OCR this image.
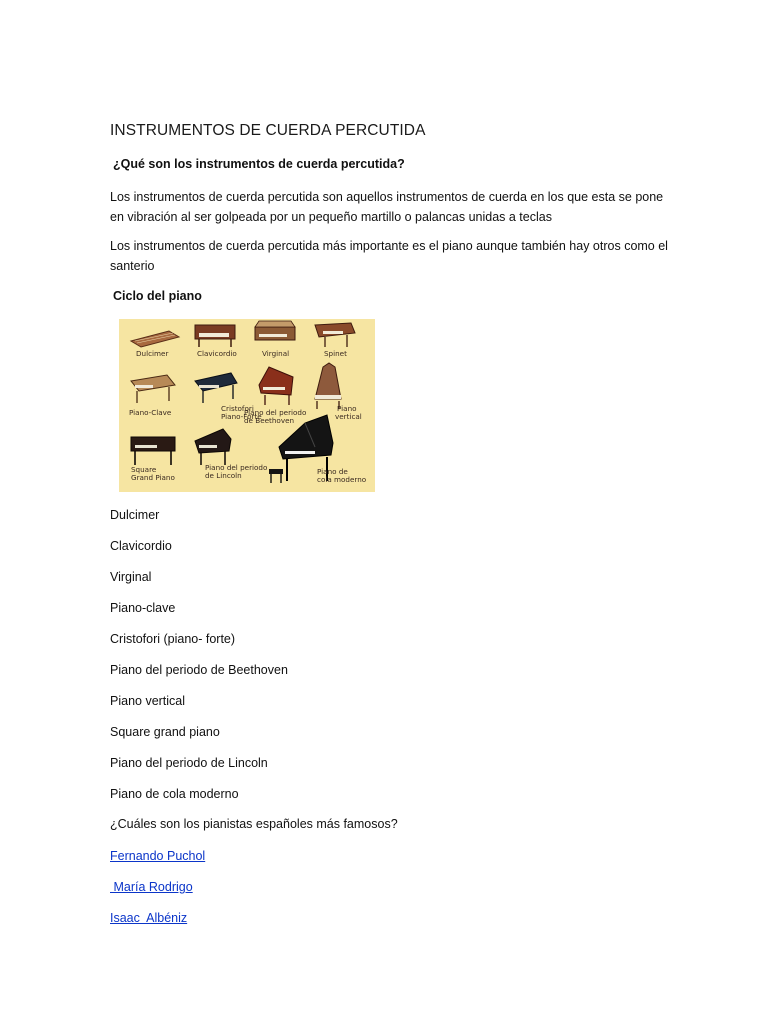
INSTRUMENTOS DE CUERDA PERCUTIDA
¿Qué son los instrumentos de cuerda percutida?
Los instrumentos de cuerda percutida son aquellos instrumentos de cuerda en los que esta se pone en vibración al ser golpeada por un pequeño martillo o palancas unidas a teclas
Los instrumentos de cuerda percutida más importante es el piano aunque también hay otros como el santerio
Ciclo del piano
Dulcimer	Clavicordio	Virginal	Spinet
Piano-Clave	Cristofori
Piano-Forte
Piano del periodo
de Beethoven
Piano
vertical
Square
Grand Piano
Piano del periodo
de Lincoln	Piano de
cola moderno
Dulcimer
Clavicordio
Virginal
Piano-clave
Cristofori (piano- forte)
Piano del periodo de Beethoven
Piano vertical
Square grand piano
Piano del periodo de Lincoln
Piano de cola moderno
¿Cuáles son los pianistas españoles más famosos?
Fernando Puchol
María Rodrigo
Isaac  Albéniz
